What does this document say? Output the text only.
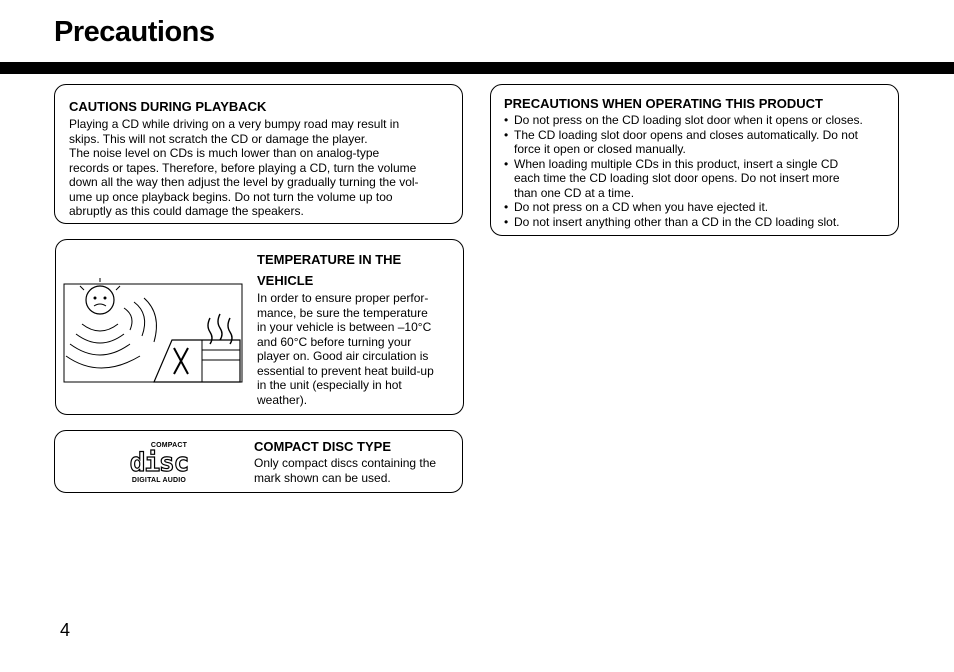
Precautions

CAUTIONS DURING PLAYBACK

Playing a CD while driving on a very bumpy road may result in

skips. This will not scratch the CD or damage the player.

The noise level on CDs is much lower than on analog-type

records or tapes. Therefore, before playing a CD, turn the volume

down all the way then adjust the level by gradually turning the vol-

ume up once playback begins. Do not turn the volume up too

abruptly as this could damage the speakers.

TEMPERATURE IN THE

VEHICLE

In order to ensure proper perfor-

mance, be sure the temperature

in your vehicle is between –10°C

and 60°C before turning your

player on. Good air circulation is

essential to prevent heat build-up

in the unit (especially in hot

weather).

COMPACT
disc
DIGITAL AUDIO

COMPACT DISC TYPE

Only compact discs containing the

mark shown can be used.

PRECAUTIONS WHEN OPERATING THIS PRODUCT

• Do not press on the CD loading slot door when it opens or closes.
• The CD loading slot door opens and closes automatically. Do not
force it open or closed manually.
• When loading multiple CDs in this product, insert a single CD
each time the CD loading slot door opens. Do not insert more
than one CD at a time.
• Do not press on a CD when you have ejected it.
• Do not insert anything other than a CD in the CD loading slot.
4
